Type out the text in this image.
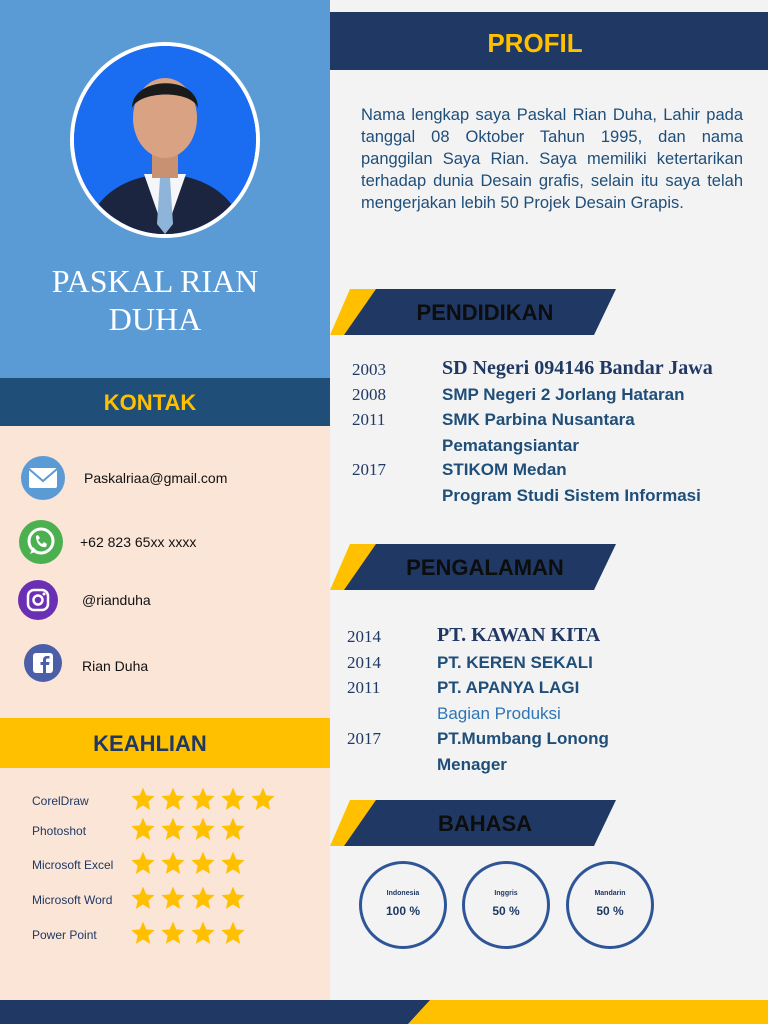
PASKAL RIAN
DUHA
KONTAK
Paskalriaa@gmail.com
+62 823 65xx xxxx
@rianduha
Rian Duha
KEAHLIAN
CorelDraw
Photoshot
Microsoft Excel
Microsoft Word
Power Point
PROFIL

Nama lengkap saya Paskal Rian Duha, Lahir pada tanggal 08 Oktober Tahun 1995, dan nama panggilan Saya Rian. Saya memiliki ketertarikan terhadap dunia Desain grafis, selain itu saya telah mengerjakan lebih 50 Projek Desain Grapis.

PENDIDIKAN
2003	SD Negeri 094146 Bandar Jawa
2008	SMP Negeri 2 Jorlang Hataran
2011	SMK Parbina Nusantara
Pematangsiantar
2017	STIKOM Medan
Program Studi Sistem Informasi
PENGALAMAN
2014	PT. KAWAN KITA
2014	PT. KEREN SEKALI
2011	PT. APANYA LAGI
Bagian Produksi
2017	PT.Mumbang Lonong
Menager
BAHASA
Indonesia
100 %
Inggris
50 %
Mandarin
50 %
